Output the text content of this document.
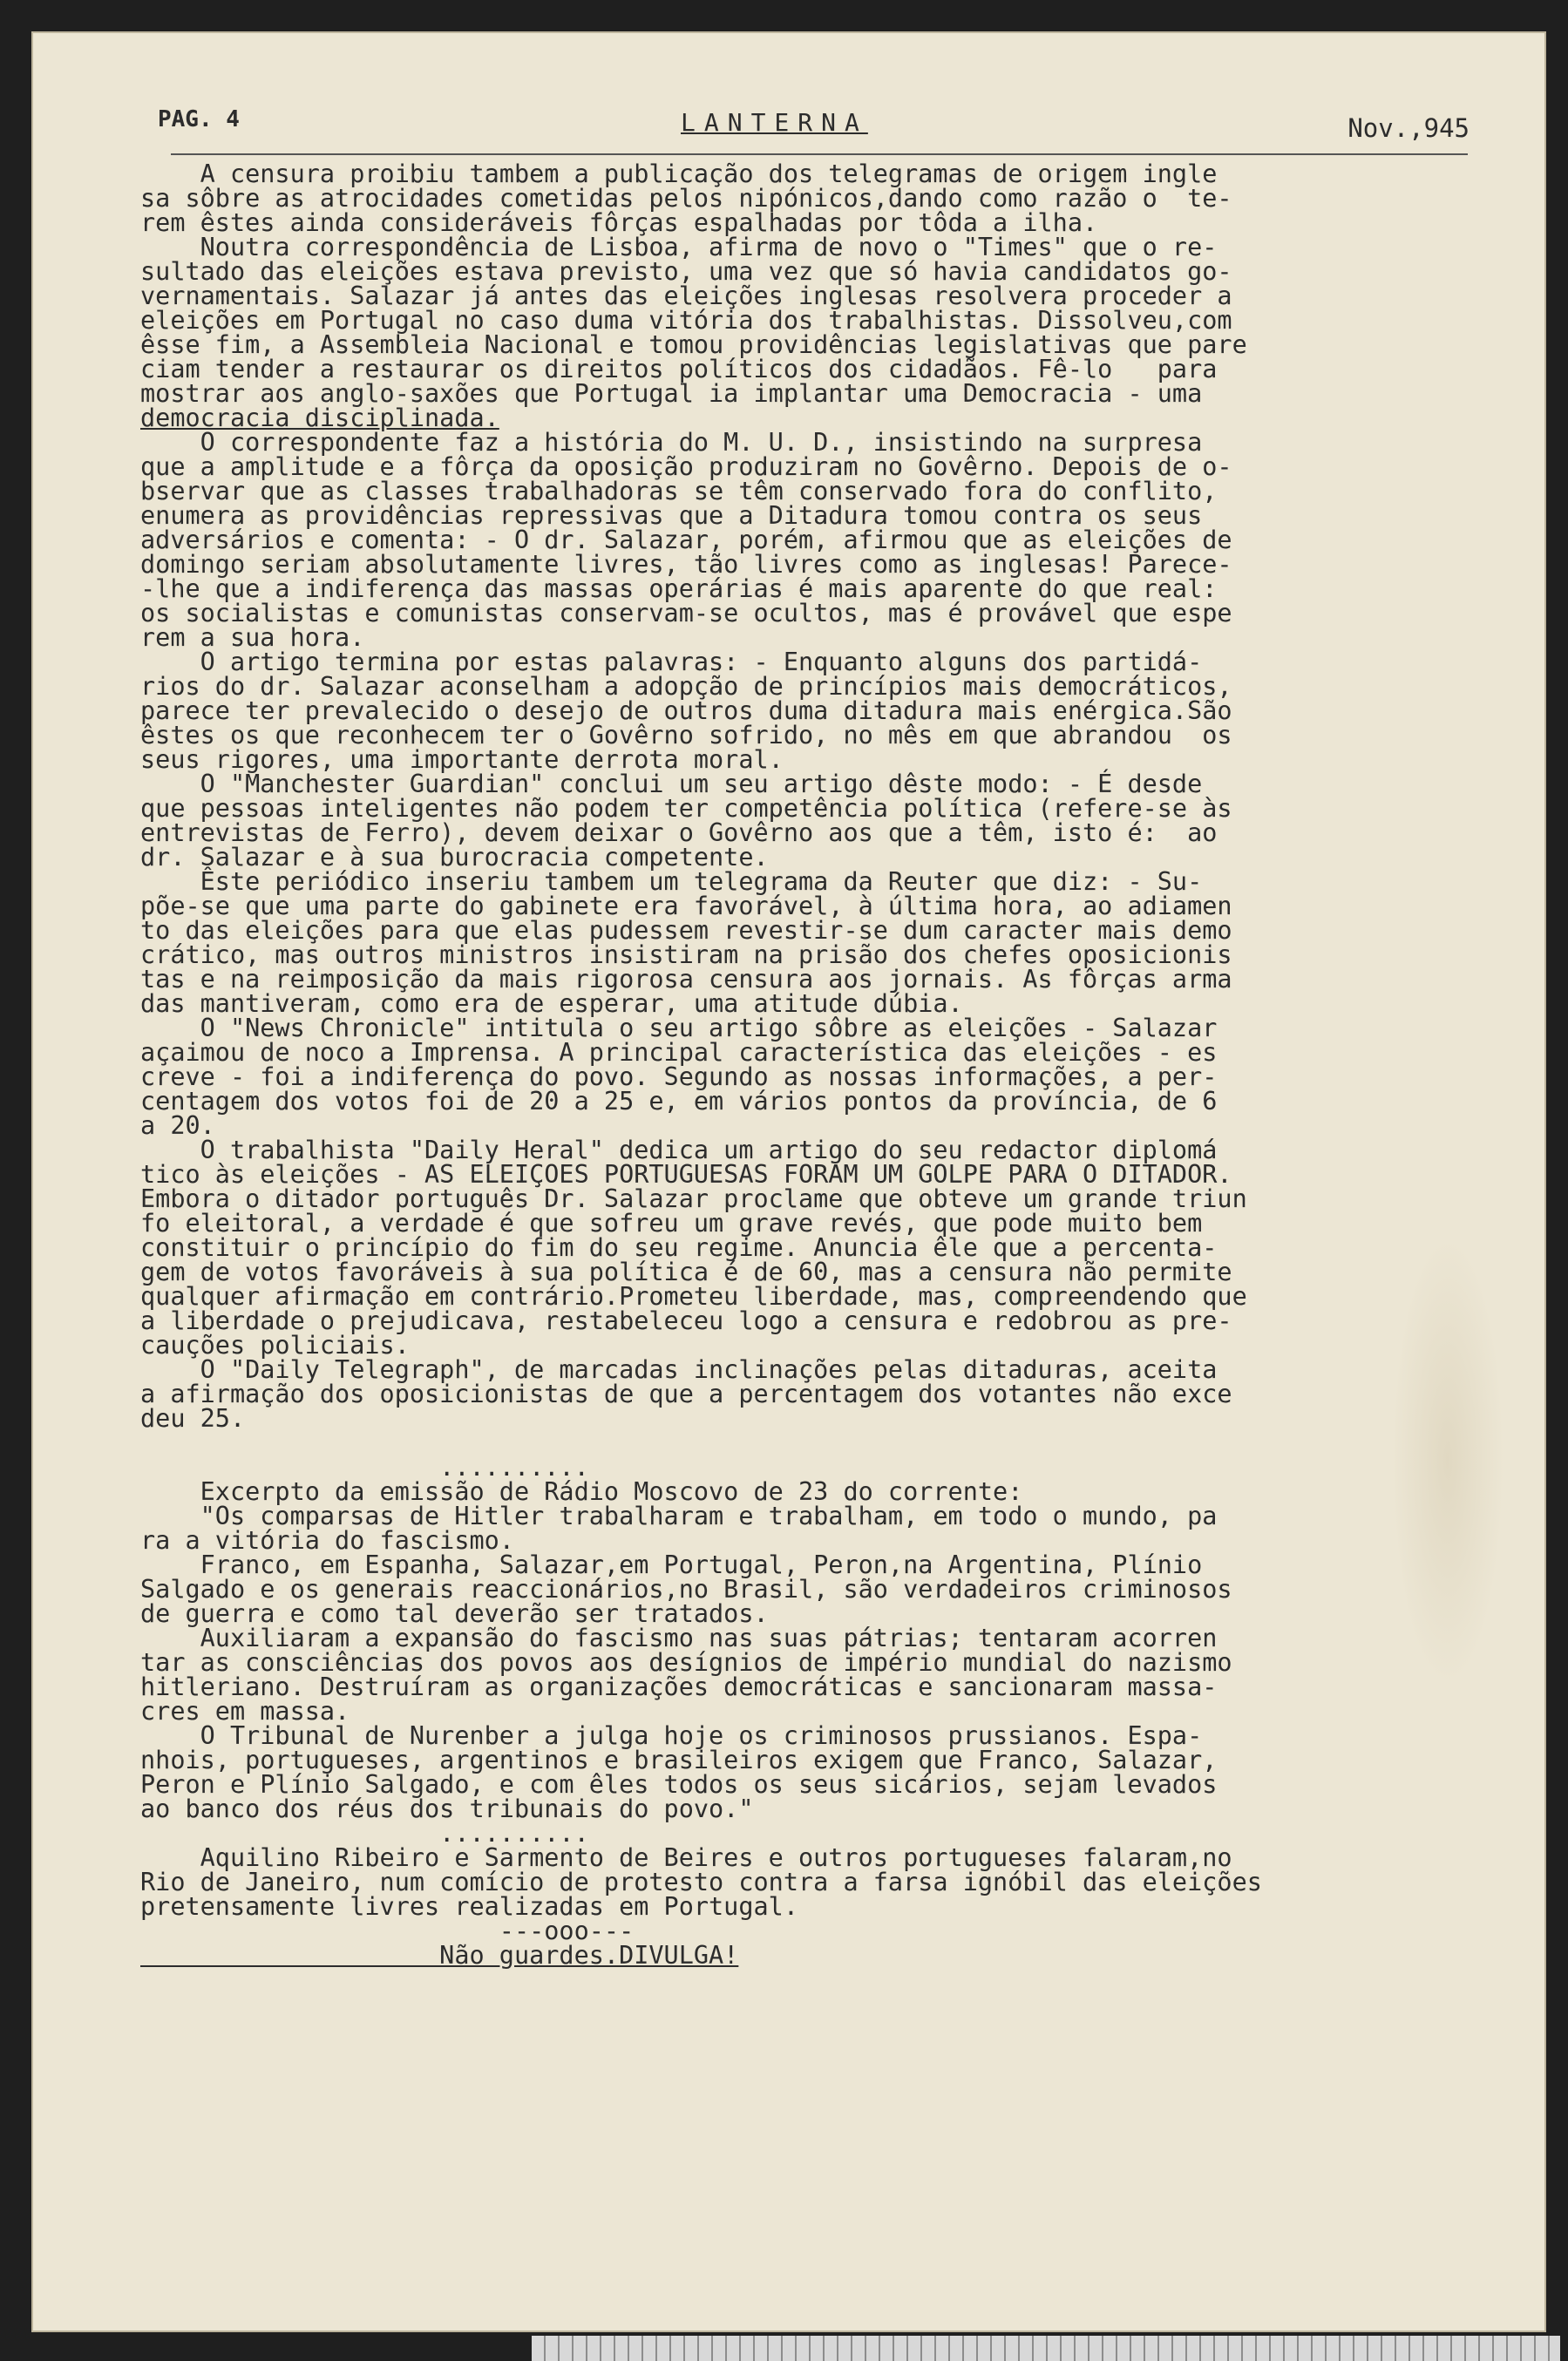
PAG. 4	LANTERNA	Nov.,945

A censura proibiu tambem a publicação dos telegramas de origem ingle

sa sôbre as atrocidades cometidas pelos nipónicos,dando como razão o  te-

rem êstes ainda consideráveis fôrças espalhadas por tôda a ilha.

Noutra correspondência de Lisboa, afirma de novo o "Times" que o re-

sultado das eleições estava previsto, uma vez que só havia candidatos go-

vernamentais. Salazar já antes das eleições inglesas resolvera proceder a

eleições em Portugal no caso duma vitória dos trabalhistas. Dissolveu,com

êsse fim, a Assembleia Nacional e tomou providências legislativas que pare

ciam tender a restaurar os direitos políticos dos cidadãos. Fê-lo   para

mostrar aos anglo-saxões que Portugal ia implantar uma Democracia - uma

democracia disciplinada.

O correspondente faz a história do M. U. D., insistindo na surpresa

que a amplitude e a fôrça da oposição produziram no Govêrno. Depois de o-

bservar que as classes trabalhadoras se têm conservado fora do conflito,

enumera as providências repressivas que a Ditadura tomou contra os seus

adversários e comenta: - O dr. Salazar, porém, afirmou que as eleições de

domingo seriam absolutamente livres, tão livres como as inglesas! Parece-

-lhe que a indiferença das massas operárias é mais aparente do que real:

os socialistas e comunistas conservam-se ocultos, mas é provável que espe

rem a sua hora.

O artigo termina por estas palavras: - Enquanto alguns dos partidá-

rios do dr. Salazar aconselham a adopção de princípios mais democráticos,

parece ter prevalecido o desejo de outros duma ditadura mais enérgica.São

êstes os que reconhecem ter o Govêrno sofrido, no mês em que abrandou  os

seus rigores, uma importante derrota moral.

O "Manchester Guardian" conclui um seu artigo dêste modo: - É desde

que pessoas inteligentes não podem ter competência política (refere-se às

entrevistas de Ferro), devem deixar o Govêrno aos que a têm, isto é:  ao

dr. Salazar e à sua burocracia competente.

Êste periódico inseriu tambem um telegrama da Reuter que diz: - Su-

põe-se que uma parte do gabinete era favorável, à última hora, ao adiamen

to das eleições para que elas pudessem revestir-se dum caracter mais demo

crático, mas outros ministros insistiram na prisão dos chefes oposicionis

tas e na reimposição da mais rigorosa censura aos jornais. As fôrças arma

das mantiveram, como era de esperar, uma atitude dúbia.

O "News Chronicle" intitula o seu artigo sôbre as eleições - Salazar

açaimou de noco a Imprensa. A principal característica das eleições - es

creve - foi a indiferença do povo. Segundo as nossas informações, a per-

centagem dos votos foi de 20 a 25 e, em vários pontos da província, de 6

a 20.

O trabalhista "Daily Heral" dedica um artigo do seu redactor diplomá

tico às eleições - AS ELEIÇOES PORTUGUESAS FORAM UM GOLPE PARA O DITADOR.

Embora o ditador português Dr. Salazar proclame que obteve um grande triun

fo eleitoral, a verdade é que sofreu um grave revés, que pode muito bem

constituir o princípio do fim do seu regime. Anuncia êle que a percenta-

gem de votos favoráveis à sua política é de 60, mas a censura não permite

qualquer afirmação em contrário.Prometeu liberdade, mas, compreendendo que

a liberdade o prejudicava, restabeleceu logo a censura e redobrou as pre-

cauções policiais.

O "Daily Telegraph", de marcadas inclinações pelas ditaduras, aceita

a afirmação dos oposicionistas de que a percentagem dos votantes não exce

deu 25.

..........

Excerpto da emissão de Rádio Moscovo de 23 do corrente:

"Os comparsas de Hitler trabalharam e trabalham, em todo o mundo, pa

ra a vitória do fascismo.

Franco, em Espanha, Salazar,em Portugal, Peron,na Argentina, Plínio

Salgado e os generais reaccionários,no Brasil, são verdadeiros criminosos

de guerra e como tal deverão ser tratados.

Auxiliaram a expansão do fascismo nas suas pátrias; tentaram acorren

tar as consciências dos povos aos desígnios de império mundial do nazismo

hitleriano. Destruíram as organizações democráticas e sancionaram massa-

cres em massa.

O Tribunal de Nurenber a julga hoje os criminosos prussianos. Espa-

nhois, portugueses, argentinos e brasileiros exigem que Franco, Salazar,

Peron e Plínio Salgado, e com êles todos os seus sicários, sejam levados

ao banco dos réus dos tribunais do povo."

..........

Aquilino Ribeiro e Sarmento de Beires e outros portugueses falaram,no

Rio de Janeiro, num comício de protesto contra a farsa ignóbil das eleições

pretensamente livres realizadas em Portugal.

---ooo---

Não guardes.DIVULGA!
